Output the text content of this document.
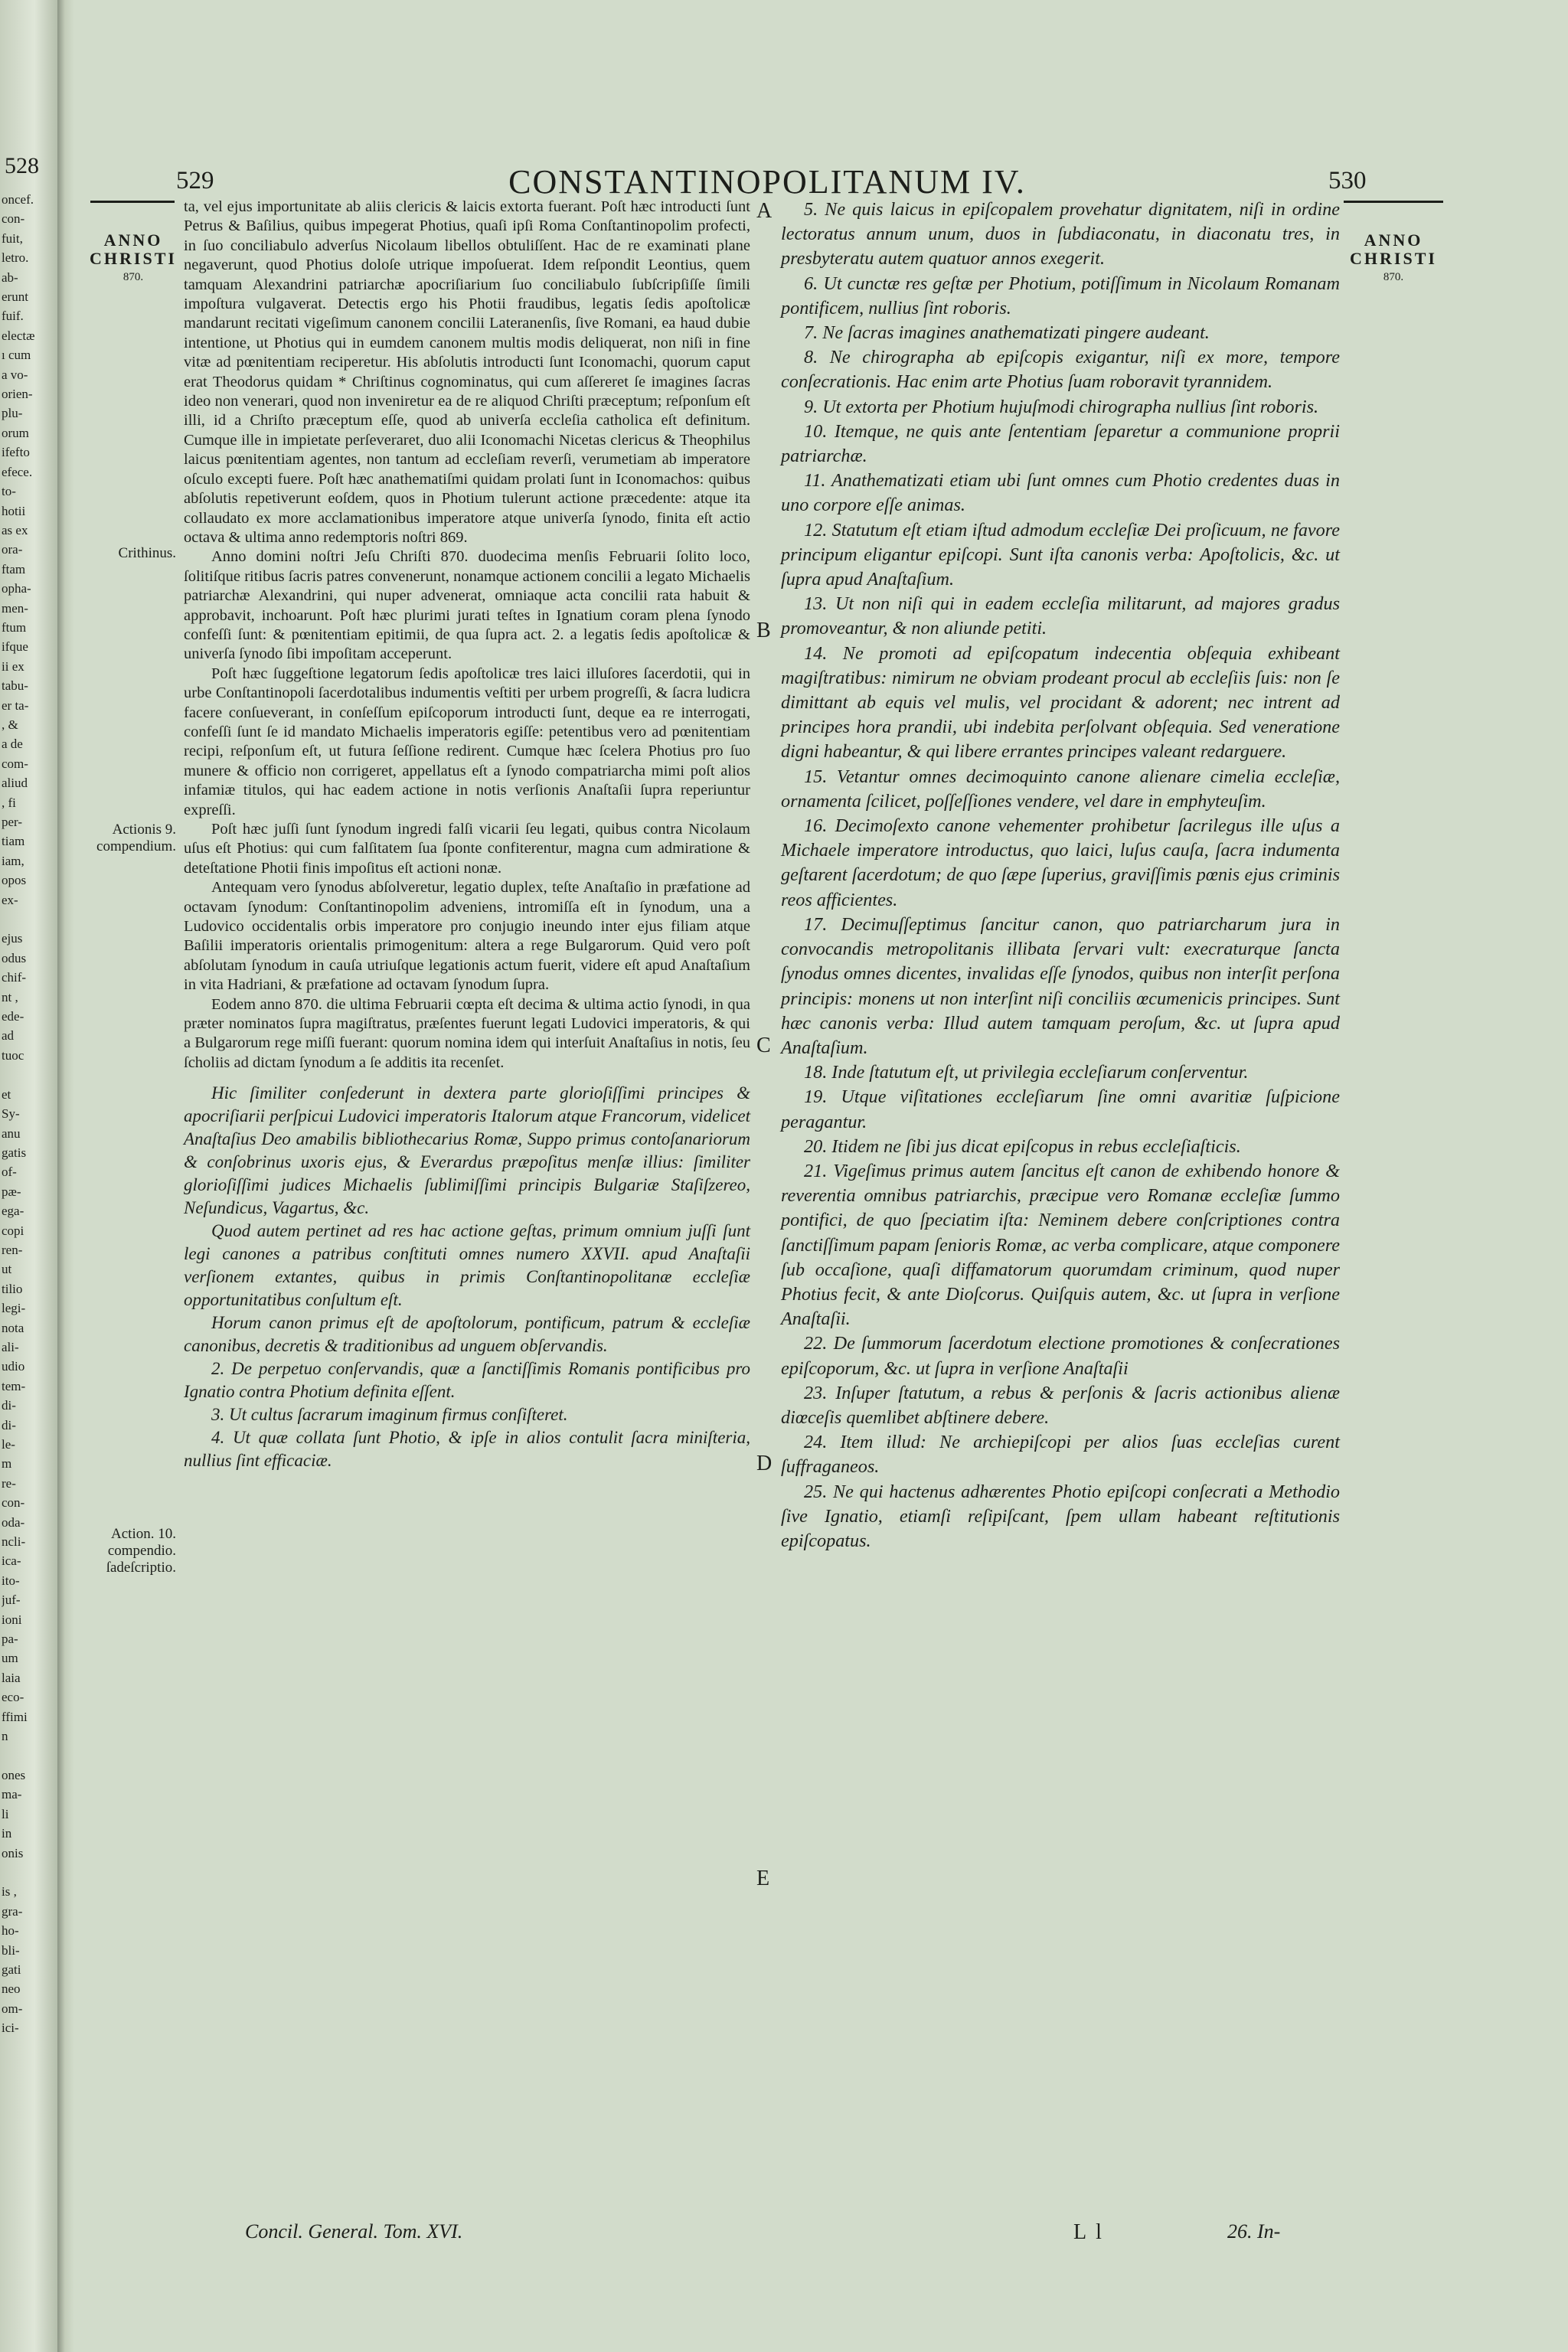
528
oncef.
con-
fuit,
letro.
ab-
erunt
fuif.
electæ
ı cum
a vo-
orien-
plu-
orum
ifefto
efece.
to-
hotii
as ex
ora-
ftam
opha-
men-
ftum
ifque
ii ex
tabu-
er ta-
, &
a de
com-
aliud
, fi
per-
tiam
iam,
opos
ex-

ejus
odus
chif-
nt ,
ede-
ad
tuoc

et
Sy-
anu
gatis
of-
pæ-
ega-
copi
ren-
ut
tilio
legi-
nota
ali-
udio
tem-
di-
di-
le-
m
re-
con-
oda-
ncli-
ica-
ito-
juf-
ioni
pa-
um
laia
eco-
ffimi
n

ones
ma-
li
in
onis

is ,
gra-
ho-
bli-
gati
neo
om-
ici-
529	CONSTANTINOPOLITANUM IV.	530
ANNO CHRISTI
870.
ANNO CHRISTI
870.
Crithinus.
Actionis 9. compendium.
Action. 10. compendio. ſadeſcriptio.
A
B
C
D
E

ta, vel ejus importunitate ab aliis clericis & laicis extorta fuerant. Poſt hæc introducti ſunt Petrus & Baſilius, quibus impegerat Photius, quaſi ipſi Roma Conſtantinopolim profecti, in ſuo conciliabulo adverſus Nicolaum libellos obtuliſſent. Hac de re examinati plane negaverunt, quod Photius doloſe utrique impoſuerat. Idem reſpondit Leontius, quem tamquam Alexandrini patriarchæ apocriſiarium ſuo conciliabulo ſubſcripſiſſe ſimili impoſtura vulgaverat. Detectis ergo his Photii fraudibus, legatis ſedis apoſtolicæ mandarunt recitati vigeſimum canonem concilii Lateranenſis, ſive Romani, ea haud dubie intentione, ut Photius qui in eumdem canonem multis modis deliquerat, non niſi in fine vitæ ad pœnitentiam reciperetur. His abſolutis introducti ſunt Iconomachi, quorum caput erat Theodorus quidam * Chriſtinus cognominatus, qui cum aſſereret ſe imagines ſacras ideo non venerari, quod non inveniretur ea de re aliquod Chriſti præceptum; reſponſum eſt illi, id a Chriſto præceptum eſſe, quod ab univerſa eccleſia catholica eſt definitum. Cumque ille in impietate perſeveraret, duo alii Iconomachi Nicetas clericus & Theophilus laicus pœnitentiam agentes, non tantum ad eccleſiam reverſi, verumetiam ab imperatore oſculo excepti fuere. Poſt hæc anathematiſmi quidam prolati ſunt in Iconomachos: quibus abſolutis repetiverunt eoſdem, quos in Photium tulerunt actione præcedente: atque ita collaudato ex more acclamationibus imperatore atque univerſa ſynodo, finita eſt actio octava & ultima anno redemptoris noſtri 869.

Anno domini noſtri Jeſu Chriſti 870. duodecima menſis Februarii ſolito loco, ſolitiſque ritibus ſacris patres convenerunt, nonamque actionem concilii a legato Michaelis patriarchæ Alexandrini, qui nuper advenerat, omniaque acta concilii rata habuit & approbavit, inchoarunt. Poſt hæc plurimi jurati teſtes in Ignatium coram plena ſynodo confeſſi ſunt: & pœnitentiam epitimii, de qua ſupra act. 2. a legatis ſedis apoſtolicæ & univerſa ſynodo ſibi impoſitam acceperunt.

Poſt hæc ſuggeſtione legatorum ſedis apoſtolicæ tres laici illuſores ſacerdotii, qui in urbe Conſtantinopoli ſacerdotalibus indumentis veſtiti per urbem progreſſi, & ſacra ludicra facere conſueverant, in conſeſſum epiſcoporum introducti ſunt, deque ea re interrogati, confeſſi ſunt ſe id mandato Michaelis imperatoris egiſſe: petentibus vero ad pœnitentiam recipi, reſponſum eſt, ut futura ſeſſione redirent. Cumque hæc ſcelera Photius pro ſuo munere & officio non corrigeret, appellatus eſt a ſynodo compatriarcha mimi poſt alios infamiæ titulos, qui hac eadem actione in notis verſionis Anaſtaſii ſupra reperiuntur expreſſi.

Poſt hæc juſſi ſunt ſynodum ingredi falſi vicarii ſeu legati, quibus contra Nicolaum uſus eſt Photius: qui cum falſitatem ſua ſponte confiterentur, magna cum admiratione & deteſtatione Photii finis impoſitus eſt actioni nonæ.

Antequam vero ſynodus abſolveretur, legatio duplex, teſte Anaſtaſio in præfatione ad octavam ſynodum: Conſtantinopolim adveniens, intromiſſa eſt in ſynodum, una a Ludovico occidentalis orbis imperatore pro conjugio ineundo inter ejus filiam atque Baſilii imperatoris orientalis primogenitum: altera a rege Bulgarorum. Quid vero poſt abſolutam ſynodum in cauſa utriuſque legationis actum fuerit, videre eſt apud Anaſtaſium in vita Hadriani, & præfatione ad octavam ſynodum ſupra.

Eodem anno 870. die ultima Februarii cœpta eſt decima & ultima actio ſynodi, in qua præter nominatos ſupra magiſtratus, præſentes fuerunt legati Ludovici imperatoris, & qui a Bulgarorum rege miſſi fuerant: quorum nomina idem qui interſuit Anaſtaſius in notis, ſeu ſcholiis ad dictam ſynodum a ſe additis ita recenſet.

Hic ſimiliter conſederunt in dextera parte glorioſiſſimi principes & apocriſiarii perſpicui Ludovici imperatoris Italorum atque Francorum, videlicet Anaſtaſius Deo amabilis bibliothecarius Romæ, Suppo primus contoſanariorum & conſobrinus uxoris ejus, & Everardus præpoſitus menſæ illius: ſimiliter glorioſiſſimi judices Michaelis ſublimiſſimi principis Bulgariæ Staſiſzereo, Neſundicus, Vagartus, &c.

Quod autem pertinet ad res hac actione geſtas, primum omnium juſſi ſunt legi canones a patribus conſtituti omnes numero XXVII. apud Anaſtaſii verſionem extantes, quibus in primis Conſtantinopolitanæ eccleſiæ opportunitatibus conſultum eſt.

Horum canon primus eſt de apoſtolorum, pontificum, patrum & eccleſiæ canonibus, decretis & traditionibus ad unguem obſervandis.

2. De perpetuo conſervandis, quæ a ſanctiſſimis Romanis pontificibus pro Ignatio contra Photium definita eſſent.

3. Ut cultus ſacrarum imaginum firmus conſiſteret.

4. Ut quæ collata ſunt Photio, & ipſe in alios contulit ſacra miniſteria, nullius ſint efficaciæ.

5. Ne quis laicus in epiſcopalem provehatur dignitatem, niſi in ordine lectoratus annum unum, duos in ſubdiaconatu, in diaconatu tres, in presbyteratu autem quatuor annos exegerit.

6. Ut cunctæ res geſtæ per Photium, potiſſimum in Nicolaum Romanam pontificem, nullius ſint roboris.

7. Ne ſacras imagines anathematizati pingere audeant.

8. Ne chirographa ab epiſcopis exigantur, niſi ex more, tempore conſecrationis. Hac enim arte Photius ſuam roboravit tyrannidem.

9. Ut extorta per Photium hujuſmodi chirographa nullius ſint roboris.

10. Itemque, ne quis ante ſententiam ſeparetur a communione proprii patriarchæ.

11. Anathematizati etiam ubi ſunt omnes cum Photio credentes duas in uno corpore eſſe animas.

12. Statutum eſt etiam iſtud admodum eccleſiæ Dei proſicuum, ne favore principum eligantur epiſcopi. Sunt iſta canonis verba: Apoſtolicis, &c. ut ſupra apud Anaſtaſium.

13. Ut non niſi qui in eadem eccleſia militarunt, ad majores gradus promoveantur, & non aliunde petiti.

14. Ne promoti ad epiſcopatum indecentia obſequia exhibeant magiſtratibus: nimirum ne obviam prodeant procul ab eccleſiis ſuis: non ſe dimittant ab equis vel mulis, vel procidant & adorent; nec intrent ad principes hora prandii, ubi indebita perſolvant obſequia. Sed veneratione digni habeantur, & qui libere errantes principes valeant redarguere.

15. Vetantur omnes decimoquinto canone alienare cimelia eccleſiæ, ornamenta ſcilicet, poſſeſſiones vendere, vel dare in emphyteuſim.

16. Decimoſexto canone vehementer prohibetur ſacrilegus ille uſus a Michaele imperatore introductus, quo laici, luſus cauſa, ſacra indumenta geſtarent ſacerdotum; de quo ſæpe ſuperius, graviſſimis pœnis ejus criminis reos afficientes.

17. Decimuſſeptimus ſancitur canon, quo patriarcharum jura in convocandis metropolitanis illibata ſervari vult: execraturque ſancta ſynodus omnes dicentes, invalidas eſſe ſynodos, quibus non interſit perſona principis: monens ut non interſint niſi conciliis œcumenicis principes. Sunt hæc canonis verba: Illud autem tamquam peroſum, &c. ut ſupra apud Anaſtaſium.

18. Inde ſtatutum eſt, ut privilegia eccleſiarum conſerventur.

19. Utque viſitationes eccleſiarum ſine omni avaritiæ ſuſpicione peragantur.

20. Itidem ne ſibi jus dicat epiſcopus in rebus eccleſiaſticis.

21. Vigeſimus primus autem ſancitus eſt canon de exhibendo honore & reverentia omnibus patriarchis, præcipue vero Romanæ eccleſiæ ſummo pontifici, de quo ſpeciatim iſta: Neminem debere conſcriptiones contra ſanctiſſimum papam ſenioris Romæ, ac verba complicare, atque componere ſub occaſione, quaſi diffamatorum quorumdam criminum, quod nuper Photius fecit, & ante Dioſcorus. Quiſquis autem, &c. ut ſupra in verſione Anaſtaſii.

22. De ſummorum ſacerdotum electione promotiones & conſecrationes epiſcoporum, &c. ut ſupra in verſione Anaſtaſii

23. Inſuper ſtatutum, a rebus & perſonis & ſacris actionibus alienæ diœceſis quemlibet abſtinere debere.

24. Item illud: Ne archiepiſcopi per alios ſuas eccleſias curent ſuffraganeos.

25. Ne qui hactenus adhærentes Photio epiſcopi conſecrati a Methodio ſive Ignatio, etiamſi reſipiſcant, ſpem ullam habeant reſtitutionis epiſcopatus.

Concil. General. Tom. XVI.	L l	26. In-
